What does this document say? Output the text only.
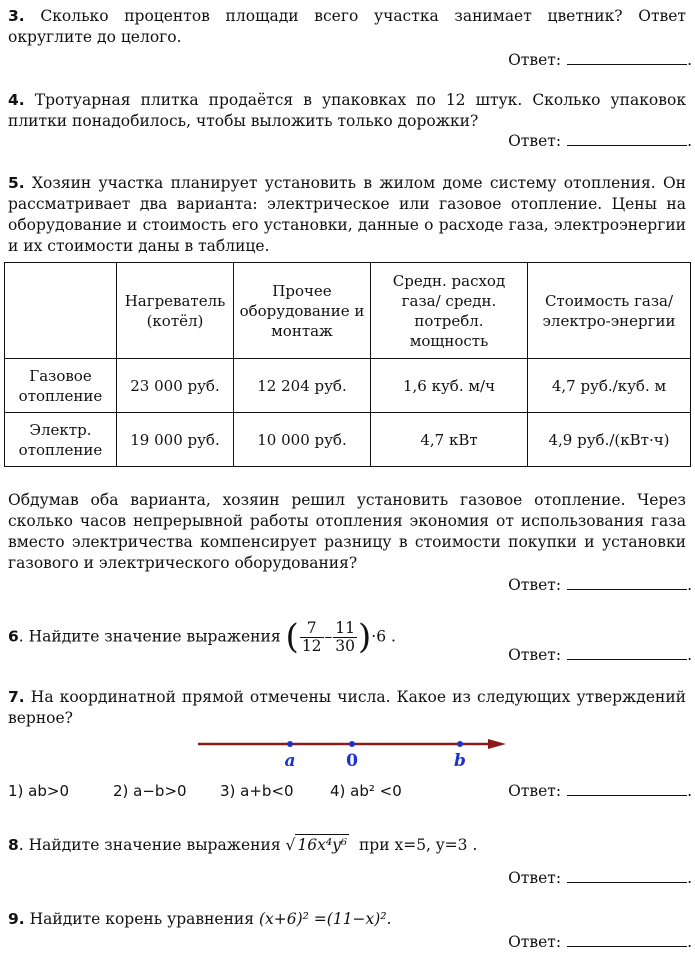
3. Сколько процентов площади всего участка занимает цветник? Ответ округлите до целого.
Ответ:	.
4. Тротуарная плитка продаётся в упаковках по 12 штук. Сколько упаковок плитки понадобилось, чтобы выложить только дорожки?
Ответ:	.
5. Хозяин участка планирует установить в жилом доме систему отопления. Он рассматривает два варианта: электрическое или газовое отопление. Цены на оборудование и стоимость его установки, данные о расходе газа, электроэнергии и их стоимости даны в таблице.
	Нагреватель (котёл)	Прочее оборудование и монтаж	Средн. расход газа/ средн. потребл. мощность	Стоимость газа/электро-энергии
Газовое отопление	23 000 руб.	12 204 руб.	1,6 куб. м/ч	4,7 руб./куб. м
Электр. отопление	19 000 руб.	10 000 руб.	4,7 кВт	4,9 руб./(кВт·ч)
Обдумав оба варианта, хозяин решил установить газовое отопление. Через сколько часов непрерывной работы отопления экономия от использования газа вместо электричества компенсирует разницу в стоимости покупки и установки газового и электрического оборудования?
Ответ:	.
6. Найдите значение выражения ( $\frac{7}{12} - \frac{11}{30} )\cdot 6$ .
Ответ:	.
7. На координатной прямой отмечены числа. Какое из следующих утверждений верное?
a	0	b
1) ab>0	2) a−b>0 3) a+b<0 4) ab² <0	Ответ:	.
8. Найдите значение выражения √ 16x⁴y⁶ при x=5, y=3 .
Ответ:	.
9. Найдите корень уравнения (x+6)² =(11−x)².
Ответ:	.
